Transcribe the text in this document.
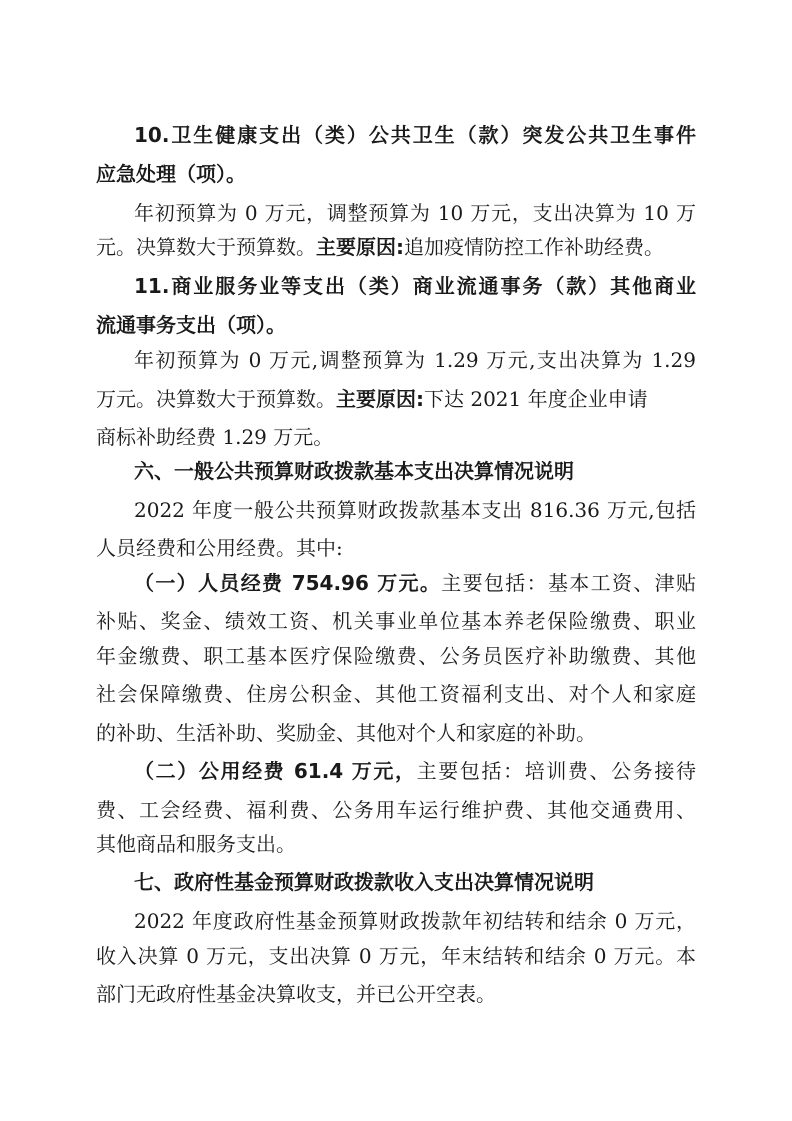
10.卫生健康支出（类）公共卫生（款）突发公共卫生事件
应急处理（项）。
年初预算为 0 万元，调整预算为 10 万元，支出决算为 10 万
元。决算数大于预算数。主要原因:追加疫情防控工作补助经费。
11.商业服务业等支出（类）商业流通事务（款）其他商业
流通事务支出（项）。
年初预算为 0 万元,调整预算为 1.29 万元,支出决算为 1.29
万元。决算数大于预算数。主要原因:下达 2021 年度企业申请
商标补助经费 1.29 万元。
六、一般公共预算财政拨款基本支出决算情况说明
2022 年度一般公共预算财政拨款基本支出 816.36 万元,包括
人员经费和公用经费。其中:
（一）人员经费 754.96 万元。主要包括：基本工资、津贴
补贴、奖金、绩效工资、机关事业单位基本养老保险缴费、职业
年金缴费、职工基本医疗保险缴费、公务员医疗补助缴费、其他
社会保障缴费、住房公积金、其他工资福利支出、对个人和家庭
的补助、生活补助、奖励金、其他对个人和家庭的补助。
（二）公用经费 61.4 万元，主要包括：培训费、公务接待
费、工会经费、福利费、公务用车运行维护费、其他交通费用、
其他商品和服务支出。
七、政府性基金预算财政拨款收入支出决算情况说明
2022 年度政府性基金预算财政拨款年初结转和结余 0 万元，
收入决算 0 万元，支出决算 0 万元，年末结转和结余 0 万元。本
部门无政府性基金决算收支，并已公开空表。
